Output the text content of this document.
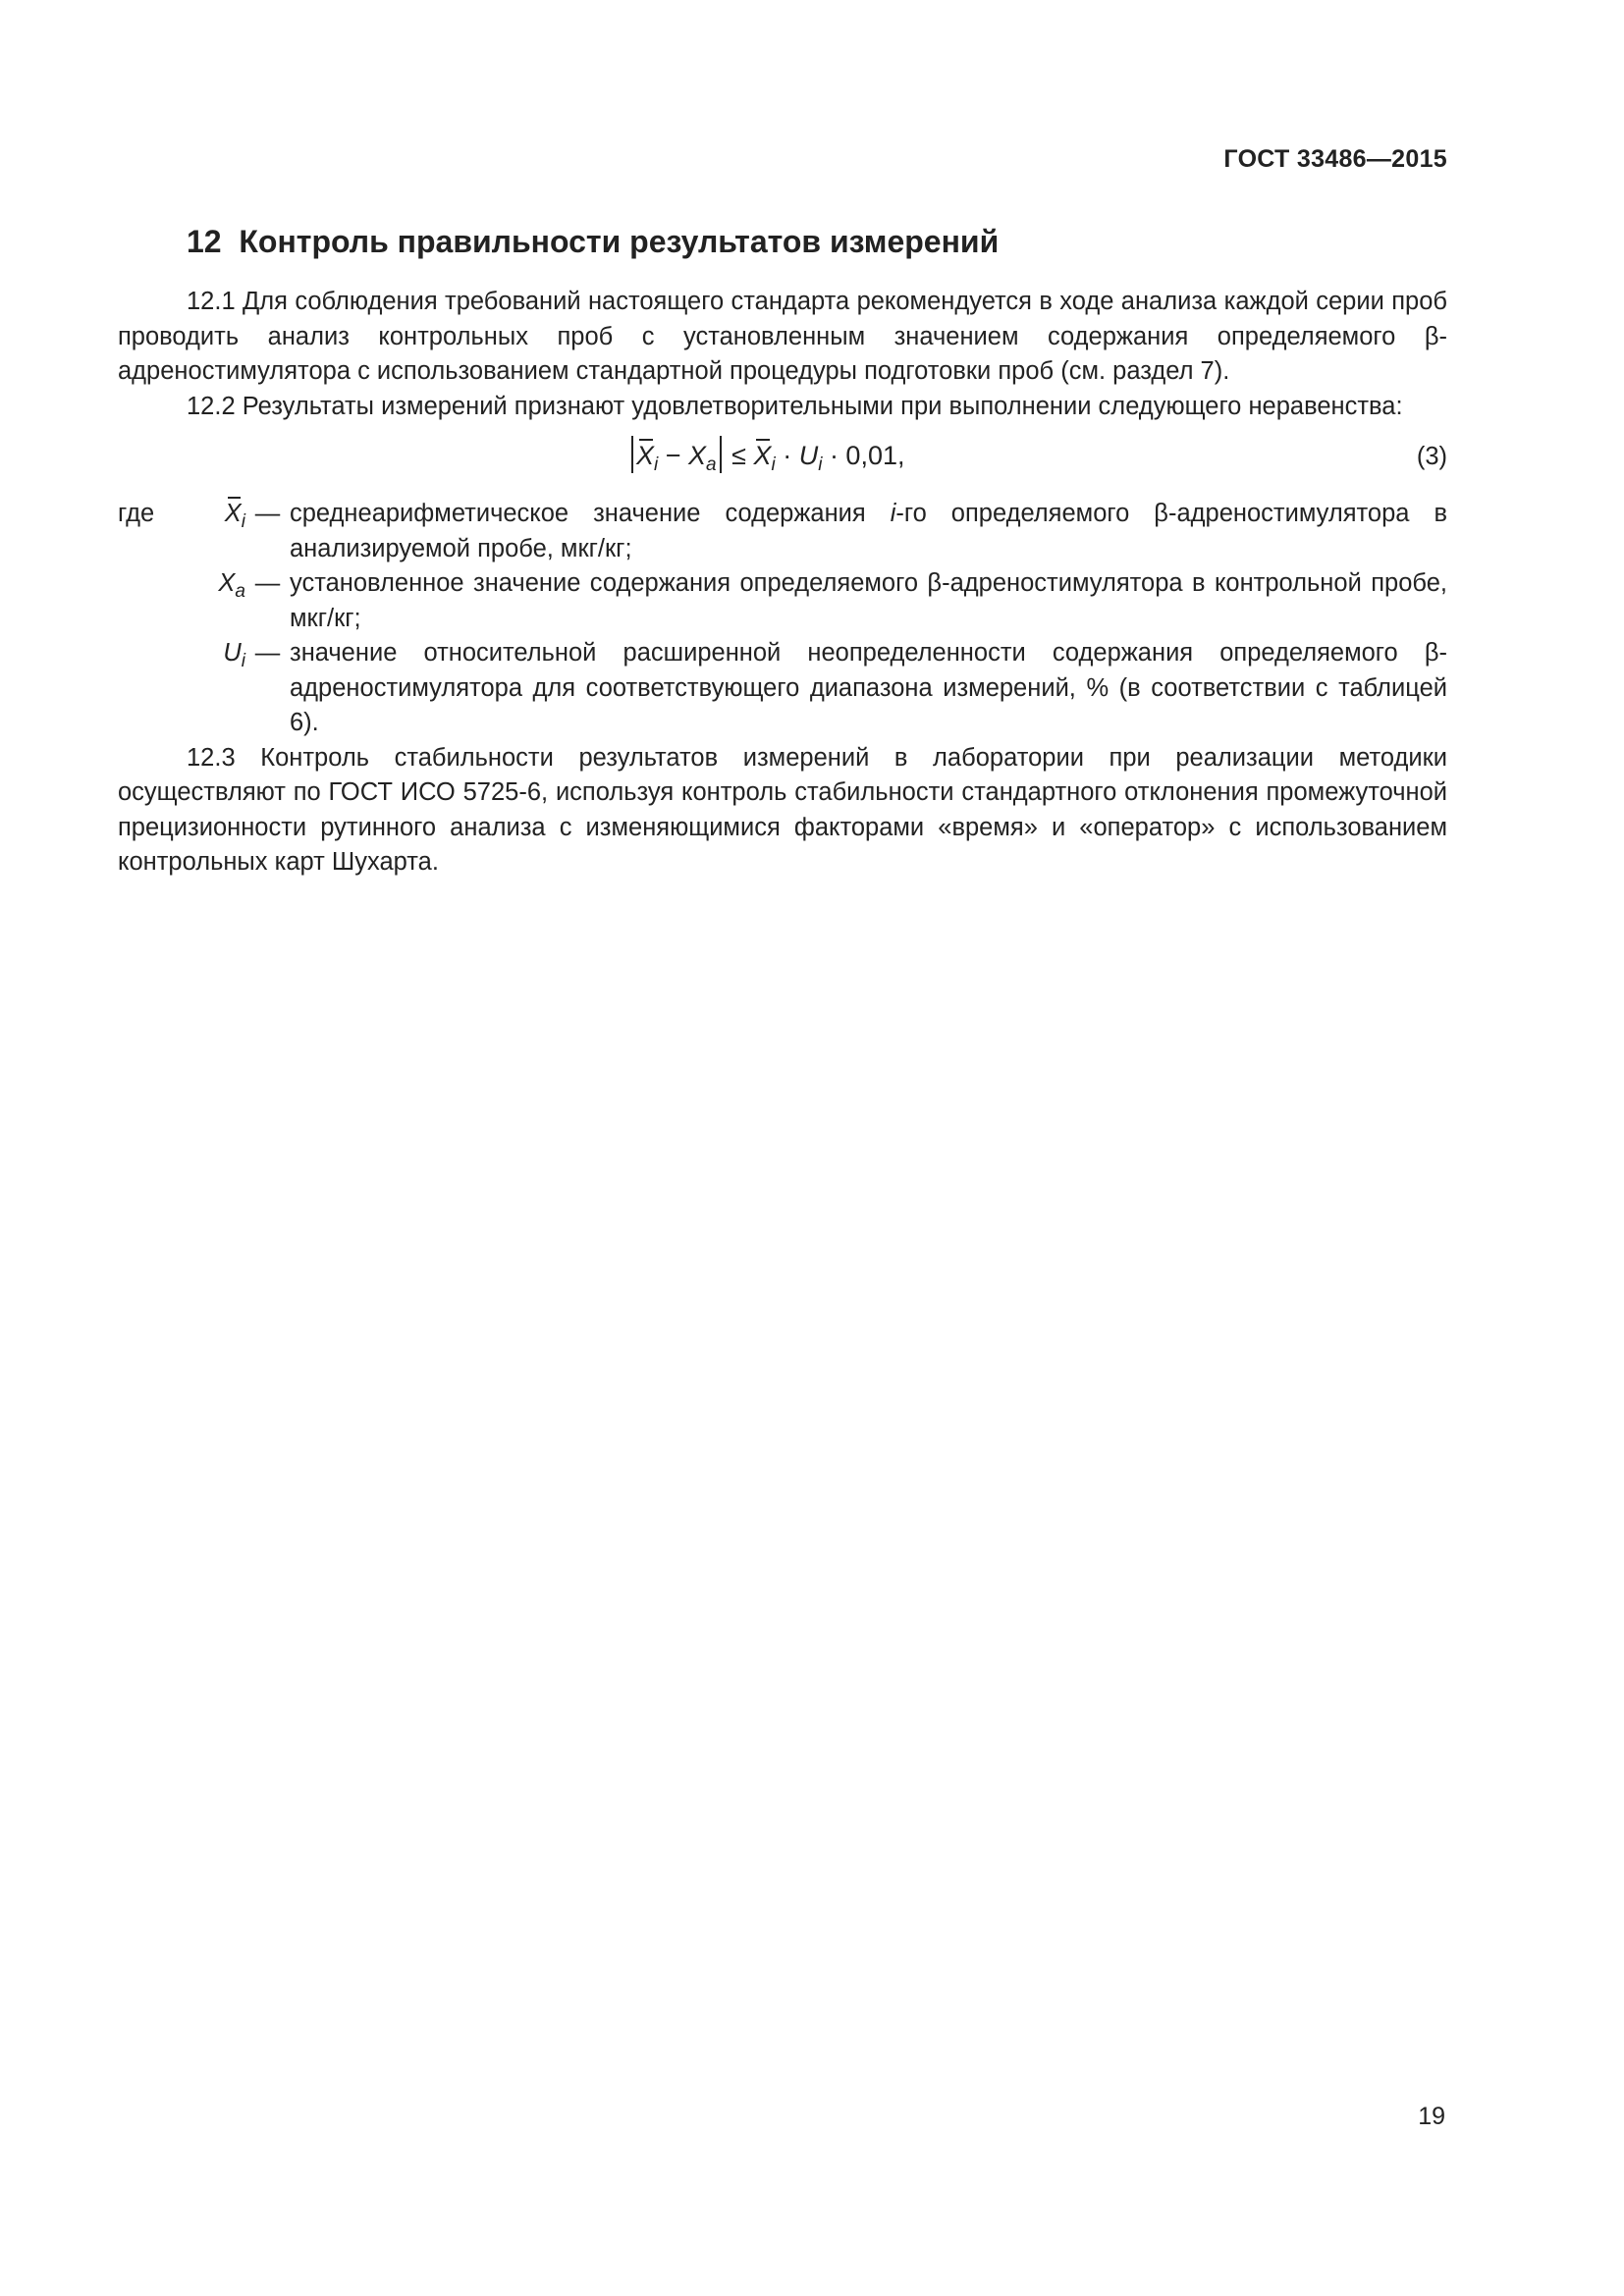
ГОСТ 33486—2015
12 Контроль правильности результатов измерений

12.1 Для соблюдения требований настоящего стандарта рекомендуется в ходе анализа каждой серии проб проводить анализ контрольных проб с установленным значением содержания определяемого β-адреностимулятора с использованием стандартной процедуры подготовки проб (см. раздел 7).

12.2 Результаты измерений признают удовлетворительными при выполнении следующего неравенства:

$X_i - X_a \le X_i \cdot U_i \cdot 0,01$,	(3)
где	$X_i$ — среднеарифметическое значение содержания i-го определяемого β-адреностимулятора в анализируемой пробе, мкг/кг;
$X_a$ — установленное значение содержания определяемого β-адреностимулятора в контрольной пробе, мкг/кг;
$U_i$ — значение относительной расширенной неопределенности содержания определяемого β-адреностимулятора для соответствующего диапазона измерений, % (в соответствии с таблицей 6).

12.3 Контроль стабильности результатов измерений в лаборатории при реализации методики осуществляют по ГОСТ ИСО 5725-6, используя контроль стабильности стандартного отклонения промежуточной прецизионности рутинного анализа с изменяющимися факторами «время» и «оператор» с использованием контрольных карт Шухарта.

19
